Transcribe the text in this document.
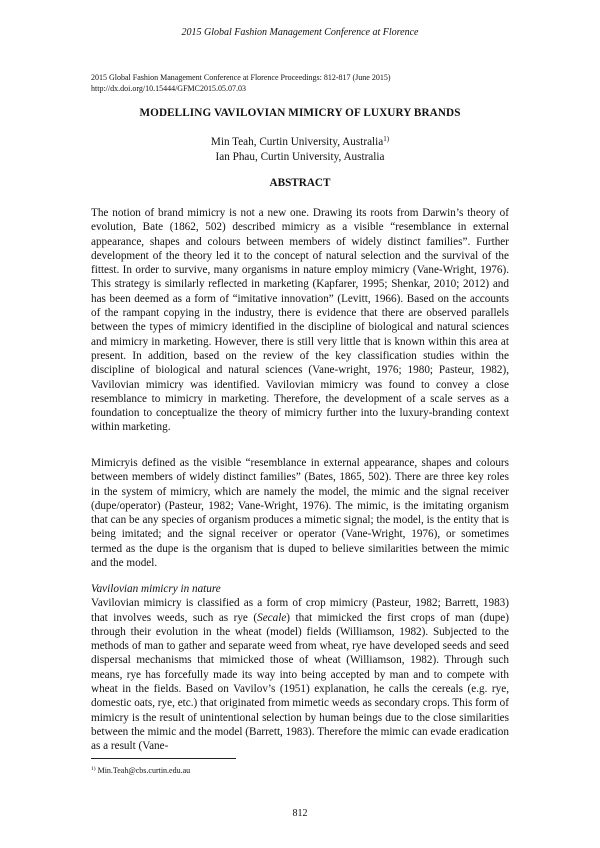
2015 Global Fashion Management Conference at Florence
2015 Global Fashion Management Conference at Florence Proceedings: 812-817 (June 2015)
http://dx.doi.org/10.15444/GFMC2015.05.07.03
MODELLING VAVILOVIAN MIMICRY OF LUXURY BRANDS
Min Teah, Curtin University, Australia$^{1)}$
Ian Phau, Curtin University, Australia
ABSTRACT
The notion of brand mimicry is not a new one. Drawing its roots from Darwin’s theory of evolution, Bate (1862, 502) described mimicry as a visible “resemblance in external appearance, shapes and colours between members of widely distinct families”. Further development of the theory led it to the concept of natural selection and the survival of the fittest. In order to survive, many organisms in nature employ mimicry (Vane-Wright, 1976). This strategy is similarly reflected in marketing (Kapfarer, 1995; Shenkar, 2010; 2012) and has been deemed as a form of “imitative innovation” (Levitt, 1966). Based on the accounts of the rampant copying in the industry, there is evidence that there are observed parallels between the types of mimicry identified in the discipline of biological and natural sciences and mimicry in marketing. However, there is still very little that is known within this area at present. In addition, based on the review of the key classification studies within the discipline of biological and natural sciences (Vane-wright, 1976; 1980; Pasteur, 1982), Vavilovian mimicry was identified. Vavilovian mimicry was found to convey a close resemblance to mimicry in marketing. Therefore, the development of a scale serves as a foundation to conceptualize the theory of mimicry further into the luxury-branding context within marketing.
Mimicryis defined as the visible “resemblance in external appearance, shapes and colours between members of widely distinct families” (Bates, 1865, 502). There are three key roles in the system of mimicry, which are namely the model, the mimic and the signal receiver (dupe/operator) (Pasteur, 1982; Vane-Wright, 1976). The mimic, is the imitating organism that can be any species of organism produces a mimetic signal; the model, is the entity that is being imitated; and the signal receiver or operator (Vane-Wright, 1976), or sometimes termed as the dupe is the organism that is duped to believe similarities between the mimic and the model.
Vavilovian mimicry in nature
Vavilovian mimicry is classified as a form of crop mimicry (Pasteur, 1982; Barrett, 1983) that involves weeds, such as rye (Secale) that mimicked the first crops of man (dupe) through their evolution in the wheat (model) fields (Williamson, 1982). Subjected to the methods of man to gather and separate weed from wheat, rye have developed seeds and seed dispersal mechanisms that mimicked those of wheat (Williamson, 1982). Through such means, rye has forcefully made its way into being accepted by man and to compete with wheat in the fields. Based on Vavilov’s (1951) explanation, he calls the cereals (e.g. rye, domestic oats, rye, etc.) that originated from mimetic weeds as secondary crops. This form of mimicry is the result of unintentional selection by human beings due to the close similarities between the mimic and the model (Barrett, 1983). Therefore the mimic can evade eradication as a result (Vane-
$^{1)}$ Min.Teah@cbs.curtin.edu.au
812
